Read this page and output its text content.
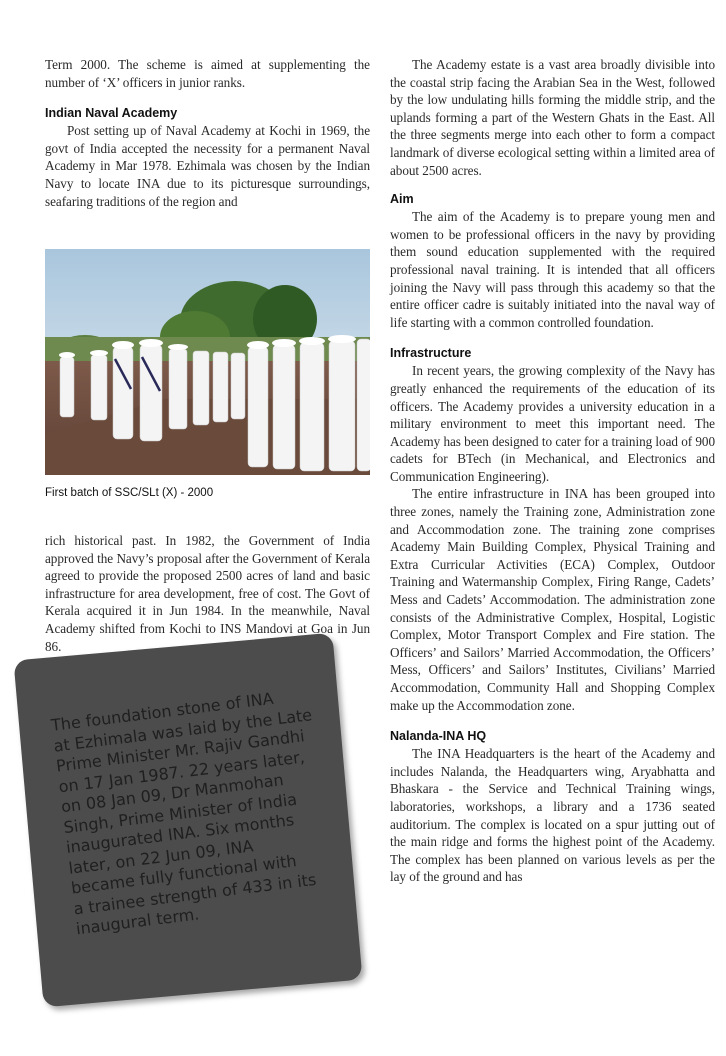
Term 2000. The scheme is aimed at supplementing the number of ‘X’ officers in junior ranks.

Indian Naval Academy

Post setting up of Naval Academy at Kochi in 1969, the govt of India accepted the necessity for a permanent Naval Academy in Mar 1978. Ezhimala was chosen by the Indian Navy to locate INA due to its picturesque surroundings, seafaring traditions of the region and

First batch of SSC/SLt (X) - 2000

rich historical past. In 1982, the Government of India approved the Navy’s proposal after the Government of Kerala agreed to provide the proposed 2500 acres of land and basic infrastructure for area development, free of cost. The Govt of Kerala acquired it in Jun 1984. In the meanwhile, Naval Academy shifted from Kochi to INS Mandovi at Goa in Jun 86.

The foundation stone of INA
at Ezhimala was laid by the Late
Prime Minister Mr. Rajiv Gandhi
on 17 Jan 1987. 22 years later,
on 08 Jan 09, Dr Manmohan
Singh, Prime Minister of India
inaugurated INA. Six months
later, on 22 Jun 09, INA
became fully functional with
a trainee strength of 433 in its
inaugural term.

The Academy estate is a vast area broadly divisible into the coastal strip facing the Arabian Sea in the West, followed by the low undulating hills forming the middle strip, and the uplands forming a part of the Western Ghats in the East. All the three segments merge into each other to form a compact landmark of diverse ecological setting within a limited area of about 2500 acres.

Aim

The aim of the Academy is to prepare young men and women to be professional officers in the navy by providing them sound education supplemented with the required professional naval training. It is intended that all officers joining the Navy will pass through this academy so that the entire officer cadre is suitably initiated into the naval way of life starting with a common controlled foundation.

Infrastructure

In recent years, the growing complexity of the Navy has greatly enhanced the requirements of the education of its officers. The Academy provides a university education in a military environment to meet this important need. The Academy has been designed to cater for a training load of 900 cadets for BTech (in Mechanical, and Electronics and Communication Engineering).

The entire infrastructure in INA has been grouped into three zones, namely the Training zone, Administration zone and Accommodation zone. The training zone comprises Academy Main Building Complex, Physical Training and Extra Curricular Activities (ECA) Complex, Outdoor Training and Watermanship Complex, Firing Range, Cadets’ Mess and Cadets’ Accommodation. The administration zone consists of the Administrative Complex, Hospital, Logistic Complex, Motor Transport Complex and Fire station. The Officers’ and Sailors’ Married Accommodation, the Officers’ Mess, Officers’ and Sailors’ Institutes, Civilians’ Married Accommodation, Community Hall and Shopping Complex make up the Accommodation zone.

Nalanda-INA HQ

The INA Headquarters is the heart of the Academy and includes Nalanda, the Headquarters wing, Aryabhatta and Bhaskara - the Service and Technical Training wings, laboratories, workshops, a library and a 1736 seated auditorium. The complex is located on a spur jutting out of the main ridge and forms the highest point of the Academy. The complex has been planned on various levels as per the lay of the ground and has
